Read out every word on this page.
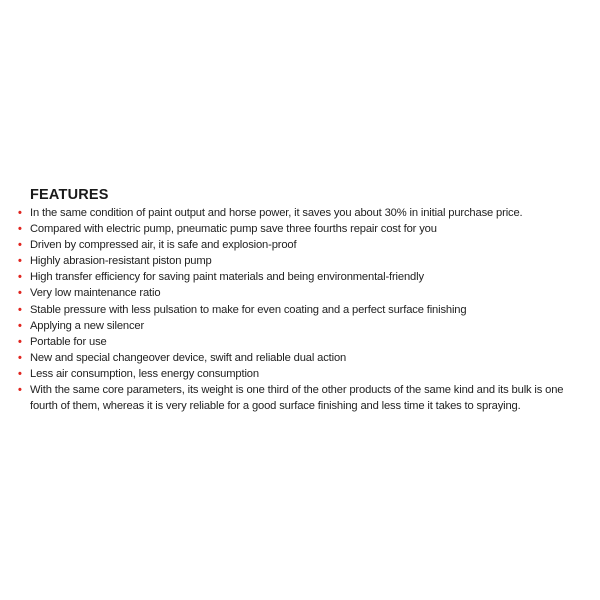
FEATURES
• In the same condition of paint output and horse power, it saves you about 30% in initial purchase price.
• Compared with electric pump, pneumatic pump save three fourths repair cost for you
• Driven by compressed air, it is safe and explosion-proof
• Highly abrasion-resistant piston pump
• High transfer efficiency for saving paint materials and being environmental-friendly
• Very low maintenance ratio
• Stable pressure with less pulsation to make for even coating and a perfect surface finishing
• Applying a new silencer
• Portable for use
• New and special changeover device, swift and reliable dual action
• Less air consumption, less energy consumption
• With the same core parameters, its weight is one third of the other products of the same kind and its bulk is one fourth of them, whereas it is very reliable for a good surface finishing and less time it takes to spraying.
